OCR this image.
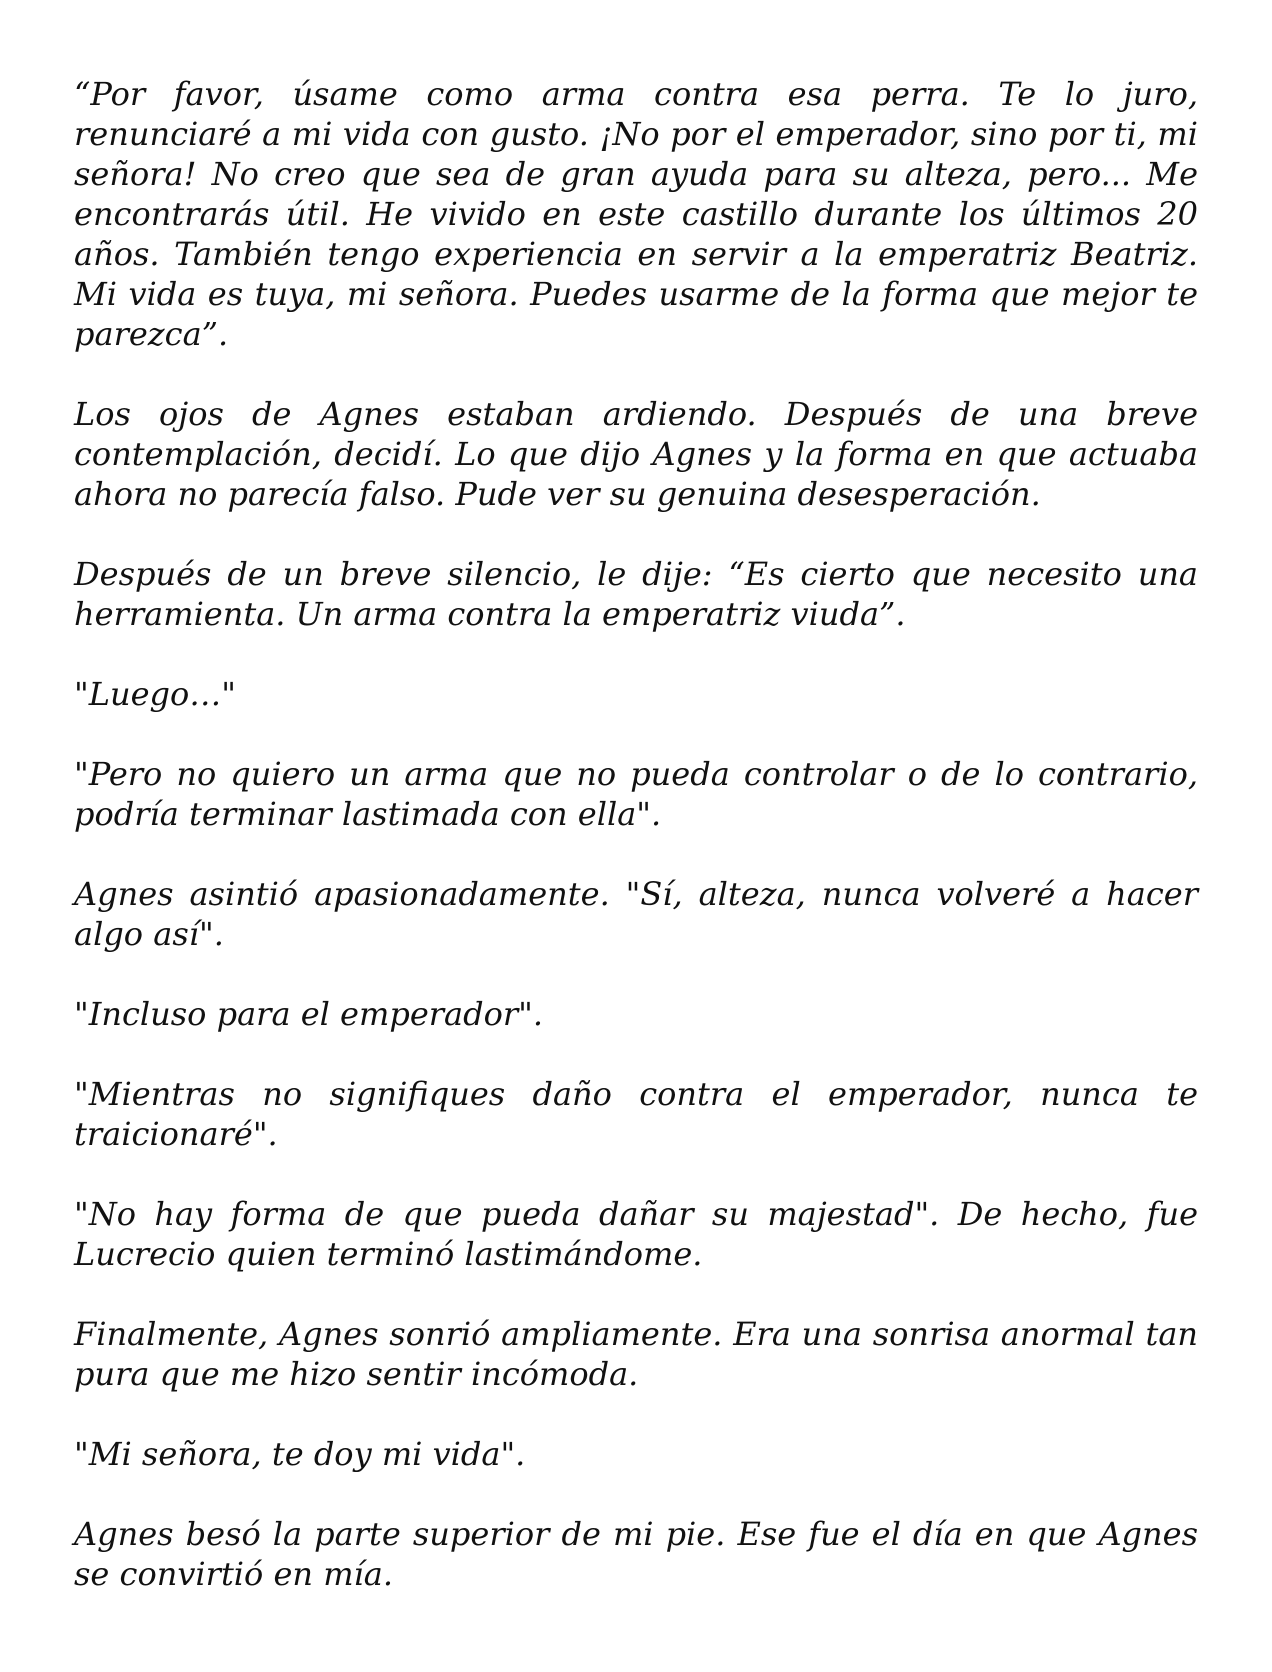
“Por favor, úsame como arma contra esa perra. Te lo juro, renunciaré a mi vida con gusto. ¡No por el emperador, sino por ti, mi señora! No creo que sea de gran ayuda para su alteza, pero... Me encontrarás útil. He vivido en este castillo durante los últimos 20 años. También tengo experiencia en servir a la emperatriz Beatriz. Mi vida es tuya, mi señora. Puedes usarme de la forma que mejor te parezca”.

Los ojos de Agnes estaban ardiendo. Después de una breve contemplación, decidí. Lo que dijo Agnes y la forma en que actuaba ahora no parecía falso. Pude ver su genuina desesperación.

Después de un breve silencio, le dije: “Es cierto que necesito una herramienta. Un arma contra la emperatriz viuda”.

"Luego…"

"Pero no quiero un arma que no pueda controlar o de lo contrario, podría terminar lastimada con ella".

Agnes asintió apasionadamente. "Sí, alteza, nunca volveré a hacer algo así".

"Incluso para el emperador".

"Mientras no signifiques daño contra el emperador, nunca te traicionaré".

"No hay forma de que pueda dañar su majestad". De hecho, fue Lucrecio quien terminó lastimándome.

Finalmente, Agnes sonrió ampliamente. Era una sonrisa anormal tan pura que me hizo sentir incómoda.

"Mi señora, te doy mi vida".

Agnes besó la parte superior de mi pie. Ese fue el día en que Agnes se convirtió en mía.
